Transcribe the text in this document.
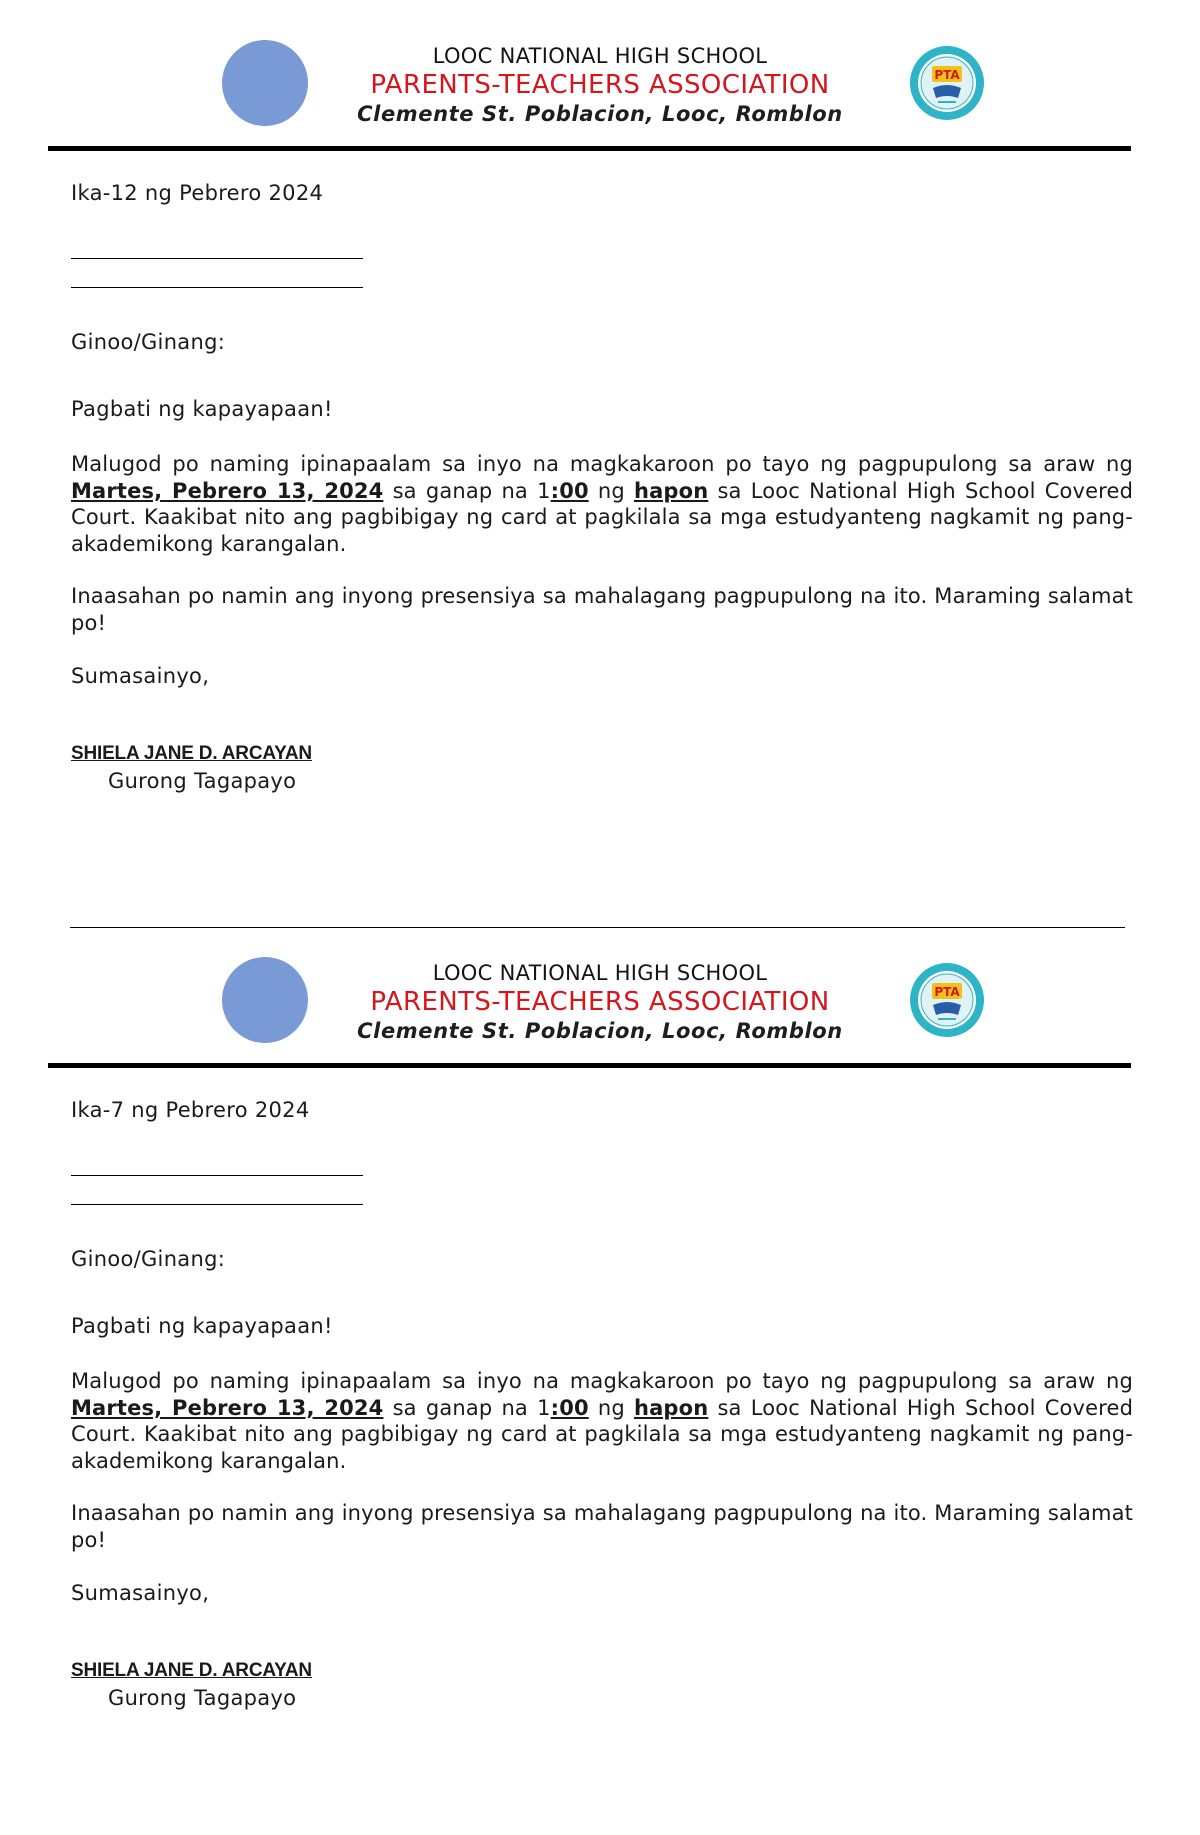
LOOC NATIONAL HIGH SCHOOL
PARENTS-TEACHERS ASSOCIATION
Clemente St. Poblacion, Looc, Romblon
PTA
Ika-12 ng Pebrero 2024
Ginoo/Ginang:
Pagbati ng kapayapaan!
Malugod po naming ipinapaalam sa inyo na magkakaroon po tayo ng pagpupulong sa araw ng Martes, Pebrero 13, 2024 sa ganap na 1:00 ng hapon sa Looc National High School Covered Court. Kaakibat nito ang pagbibigay ng card at pagkilala sa mga estudyanteng nagkamit ng pang-akademikong karangalan.
Inaasahan po namin ang inyong presensiya sa mahalagang pagpupulong na ito. Maraming salamat po!
Sumasainyo,
SHIELA JANE D. ARCAYAN
Gurong Tagapayo
LOOC NATIONAL HIGH SCHOOL
PARENTS-TEACHERS ASSOCIATION
Clemente St. Poblacion, Looc, Romblon
PTA
Ika-7 ng Pebrero 2024
Ginoo/Ginang:
Pagbati ng kapayapaan!
Malugod po naming ipinapaalam sa inyo na magkakaroon po tayo ng pagpupulong sa araw ng Martes, Pebrero 13, 2024 sa ganap na 1:00 ng hapon sa Looc National High School Covered Court. Kaakibat nito ang pagbibigay ng card at pagkilala sa mga estudyanteng nagkamit ng pang-akademikong karangalan.
Inaasahan po namin ang inyong presensiya sa mahalagang pagpupulong na ito. Maraming salamat po!
Sumasainyo,
SHIELA JANE D. ARCAYAN
Gurong Tagapayo
